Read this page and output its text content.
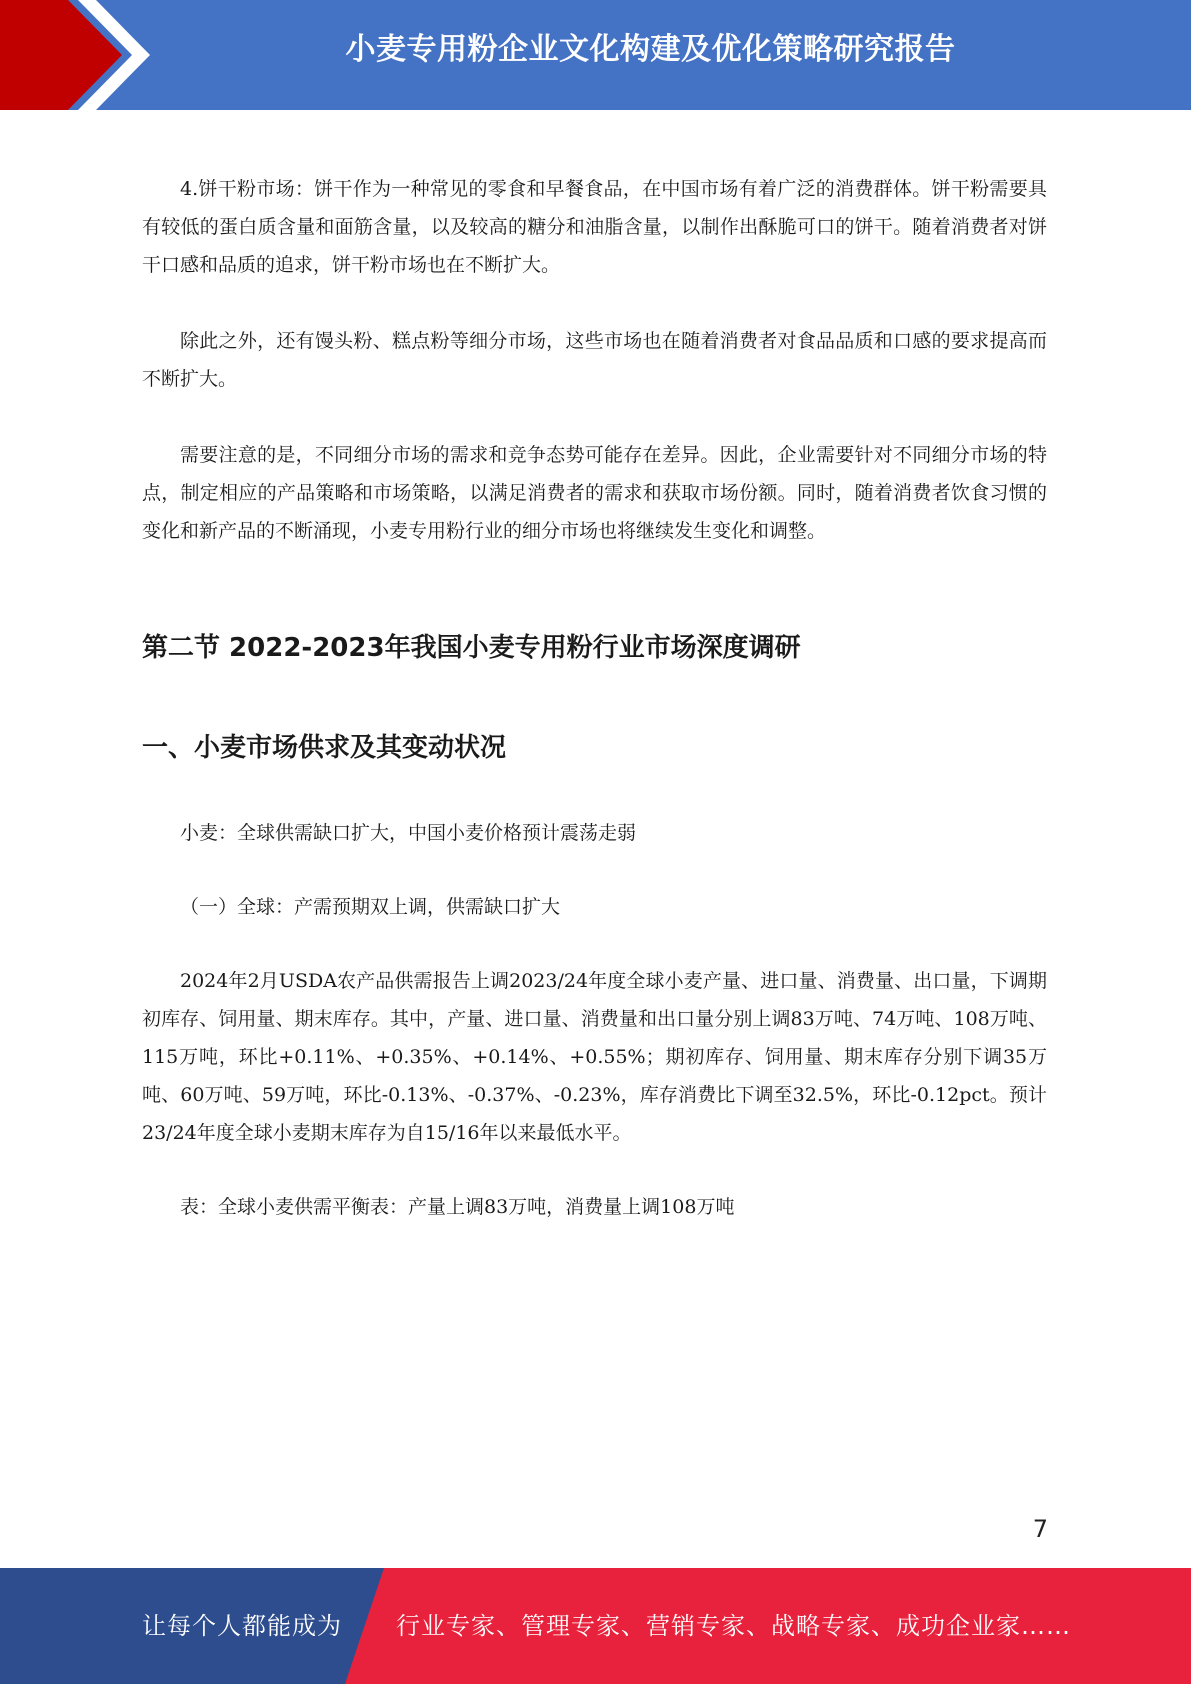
小麦专用粉企业文化构建及优化策略研究报告

4.饼干粉市场：饼干作为一种常见的零食和早餐食品，在中国市场有着广泛的消费群体。饼干粉需要具有较低的蛋白质含量和面筋含量，以及较高的糖分和油脂含量，以制作出酥脆可口的饼干。随着消费者对饼干口感和品质的追求，饼干粉市场也在不断扩大。

除此之外，还有馒头粉、糕点粉等细分市场，这些市场也在随着消费者对食品品质和口感的要求提高而不断扩大。

需要注意的是，不同细分市场的需求和竞争态势可能存在差异。因此，企业需要针对不同细分市场的特点，制定相应的产品策略和市场策略，以满足消费者的需求和获取市场份额。同时，随着消费者饮食习惯的变化和新产品的不断涌现，小麦专用粉行业的细分市场也将继续发生变化和调整。

第二节 2022-2023年我国小麦专用粉行业市场深度调研
一、小麦市场供求及其变动状况

小麦：全球供需缺口扩大，中国小麦价格预计震荡走弱

（一）全球：产需预期双上调，供需缺口扩大

2024年2月USDA农产品供需报告上调2023/24年度全球小麦产量、进口量、消费量、出口量，下调期初库存、饲用量、期末库存。其中，产量、进口量、消费量和出口量分别上调83万吨、74万吨、108万吨、115万吨，环比+0.11%、+0.35%、+0.14%、+0.55%；期初库存、饲用量、期末库存分别下调35万吨、60万吨、59万吨，环比-0.13%、-0.37%、-0.23%，库存消费比下调至32.5%，环比-0.12pct。预计23/24年度全球小麦期末库存为自15/16年以来最低水平。

表：全球小麦供需平衡表：产量上调83万吨，消费量上调108万吨

7
让每个人都能成为 行业专家、管理专家、营销专家、战略专家、成功企业家……
